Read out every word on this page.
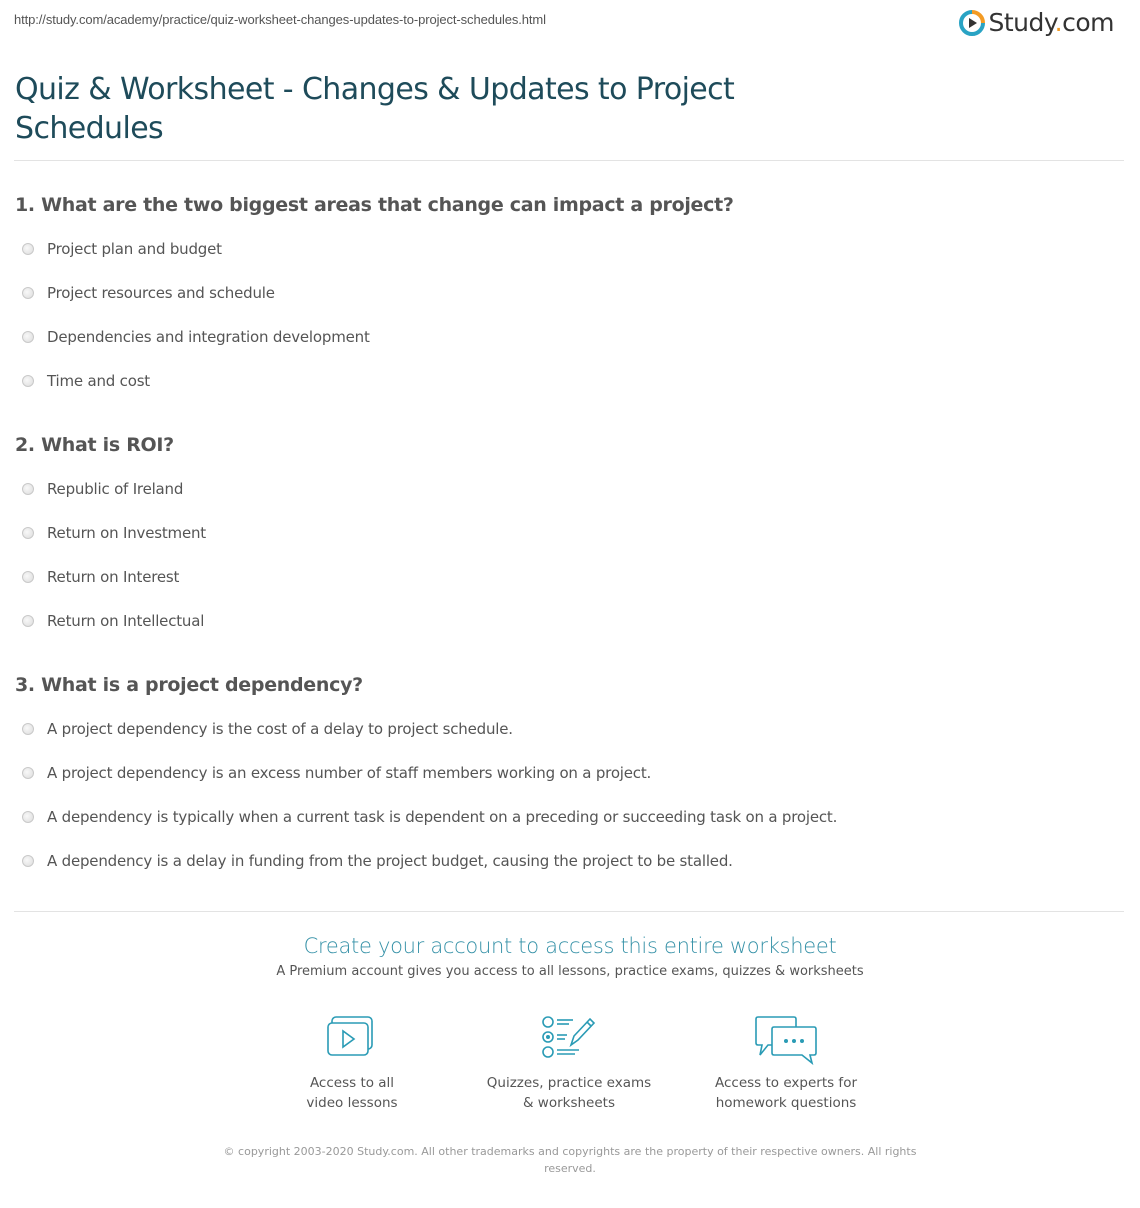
http://study.com/academy/practice/quiz-worksheet-changes-updates-to-project-schedules.html	Study.com
Quiz & Worksheet - Changes & Updates to Project Schedules
1. What are the two biggest areas that change can impact a project?
Project plan and budget
Project resources and schedule
Dependencies and integration development
Time and cost
2. What is ROI?
Republic of Ireland
Return on Investment
Return on Interest
Return on Intellectual
3. What is a project dependency?
A project dependency is the cost of a delay to project schedule.
A project dependency is an excess number of staff members working on a project.
A dependency is typically when a current task is dependent on a preceding or succeeding task on a project.
A dependency is a delay in funding from the project budget, causing the project to be stalled.
Create your account to access this entire worksheet
A Premium account gives you access to all lessons, practice exams, quizzes & worksheets
Access to all
video lessons
Quizzes, practice exams
& worksheets
Access to experts for
homework questions
© copyright 2003-2020 Study.com. All other trademarks and copyrights are the property of their respective owners. All rights reserved.
